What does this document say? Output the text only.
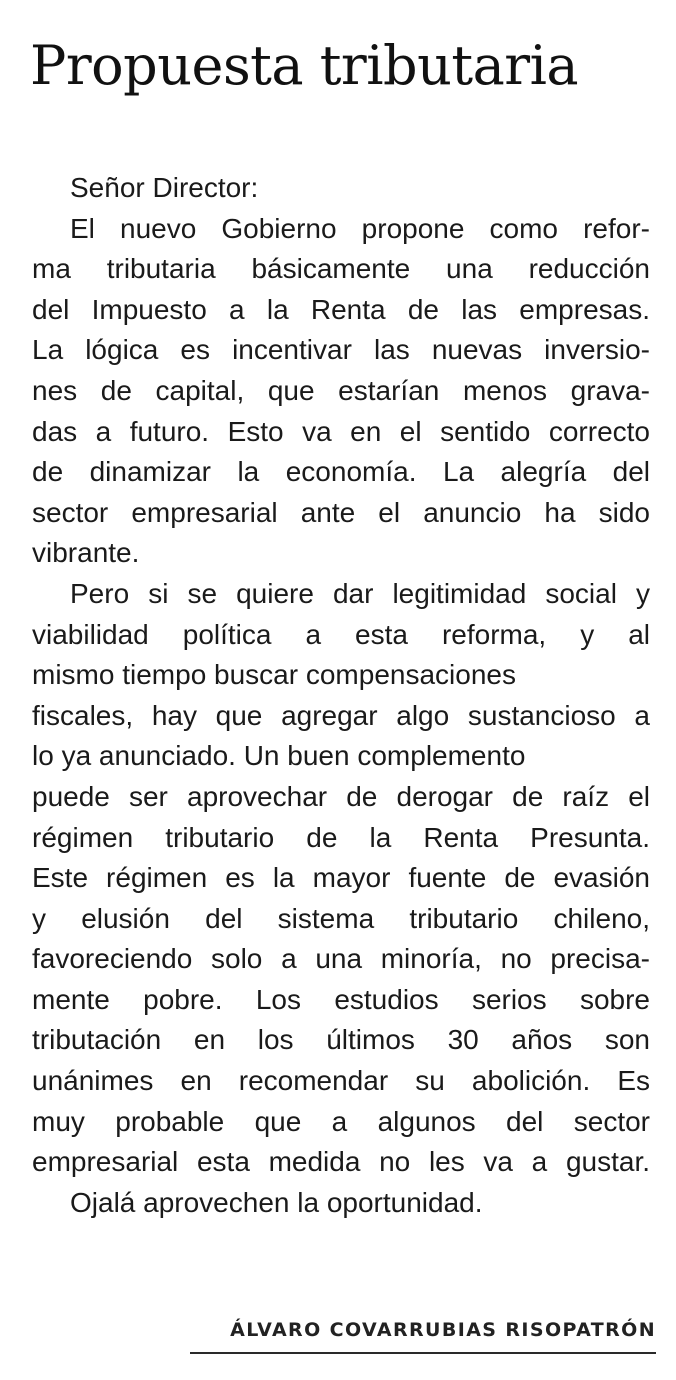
Propuesta tributaria
Señor Director:
El nuevo Gobierno propone como refor-
ma tributaria básicamente una reducción
del Impuesto a la Renta de las empresas.
La lógica es incentivar las nuevas inversio-
nes de capital, que estarían menos grava-
das a futuro. Esto va en el sentido correcto
de dinamizar la economía. La alegría del
sector empresarial ante el anuncio ha sido
vibrante.
Pero si se quiere dar legitimidad social y
viabilidad política a esta reforma, y al
mismo tiempo buscar compensaciones
fiscales, hay que agregar algo sustancioso a
lo ya anunciado. Un buen complemento
puede ser aprovechar de derogar de raíz el
régimen tributario de la Renta Presunta.
Este régimen es la mayor fuente de evasión
y elusión del sistema tributario chileno,
favoreciendo solo a una minoría, no precisa-
mente pobre. Los estudios serios sobre
tributación en los últimos 30 años son
unánimes en recomendar su abolición. Es
muy probable que a algunos del sector
empresarial esta medida no les va a gustar.
Ojalá aprovechen la oportunidad.
ÁLVARO COVARRUBIAS RISOPATRÓN
